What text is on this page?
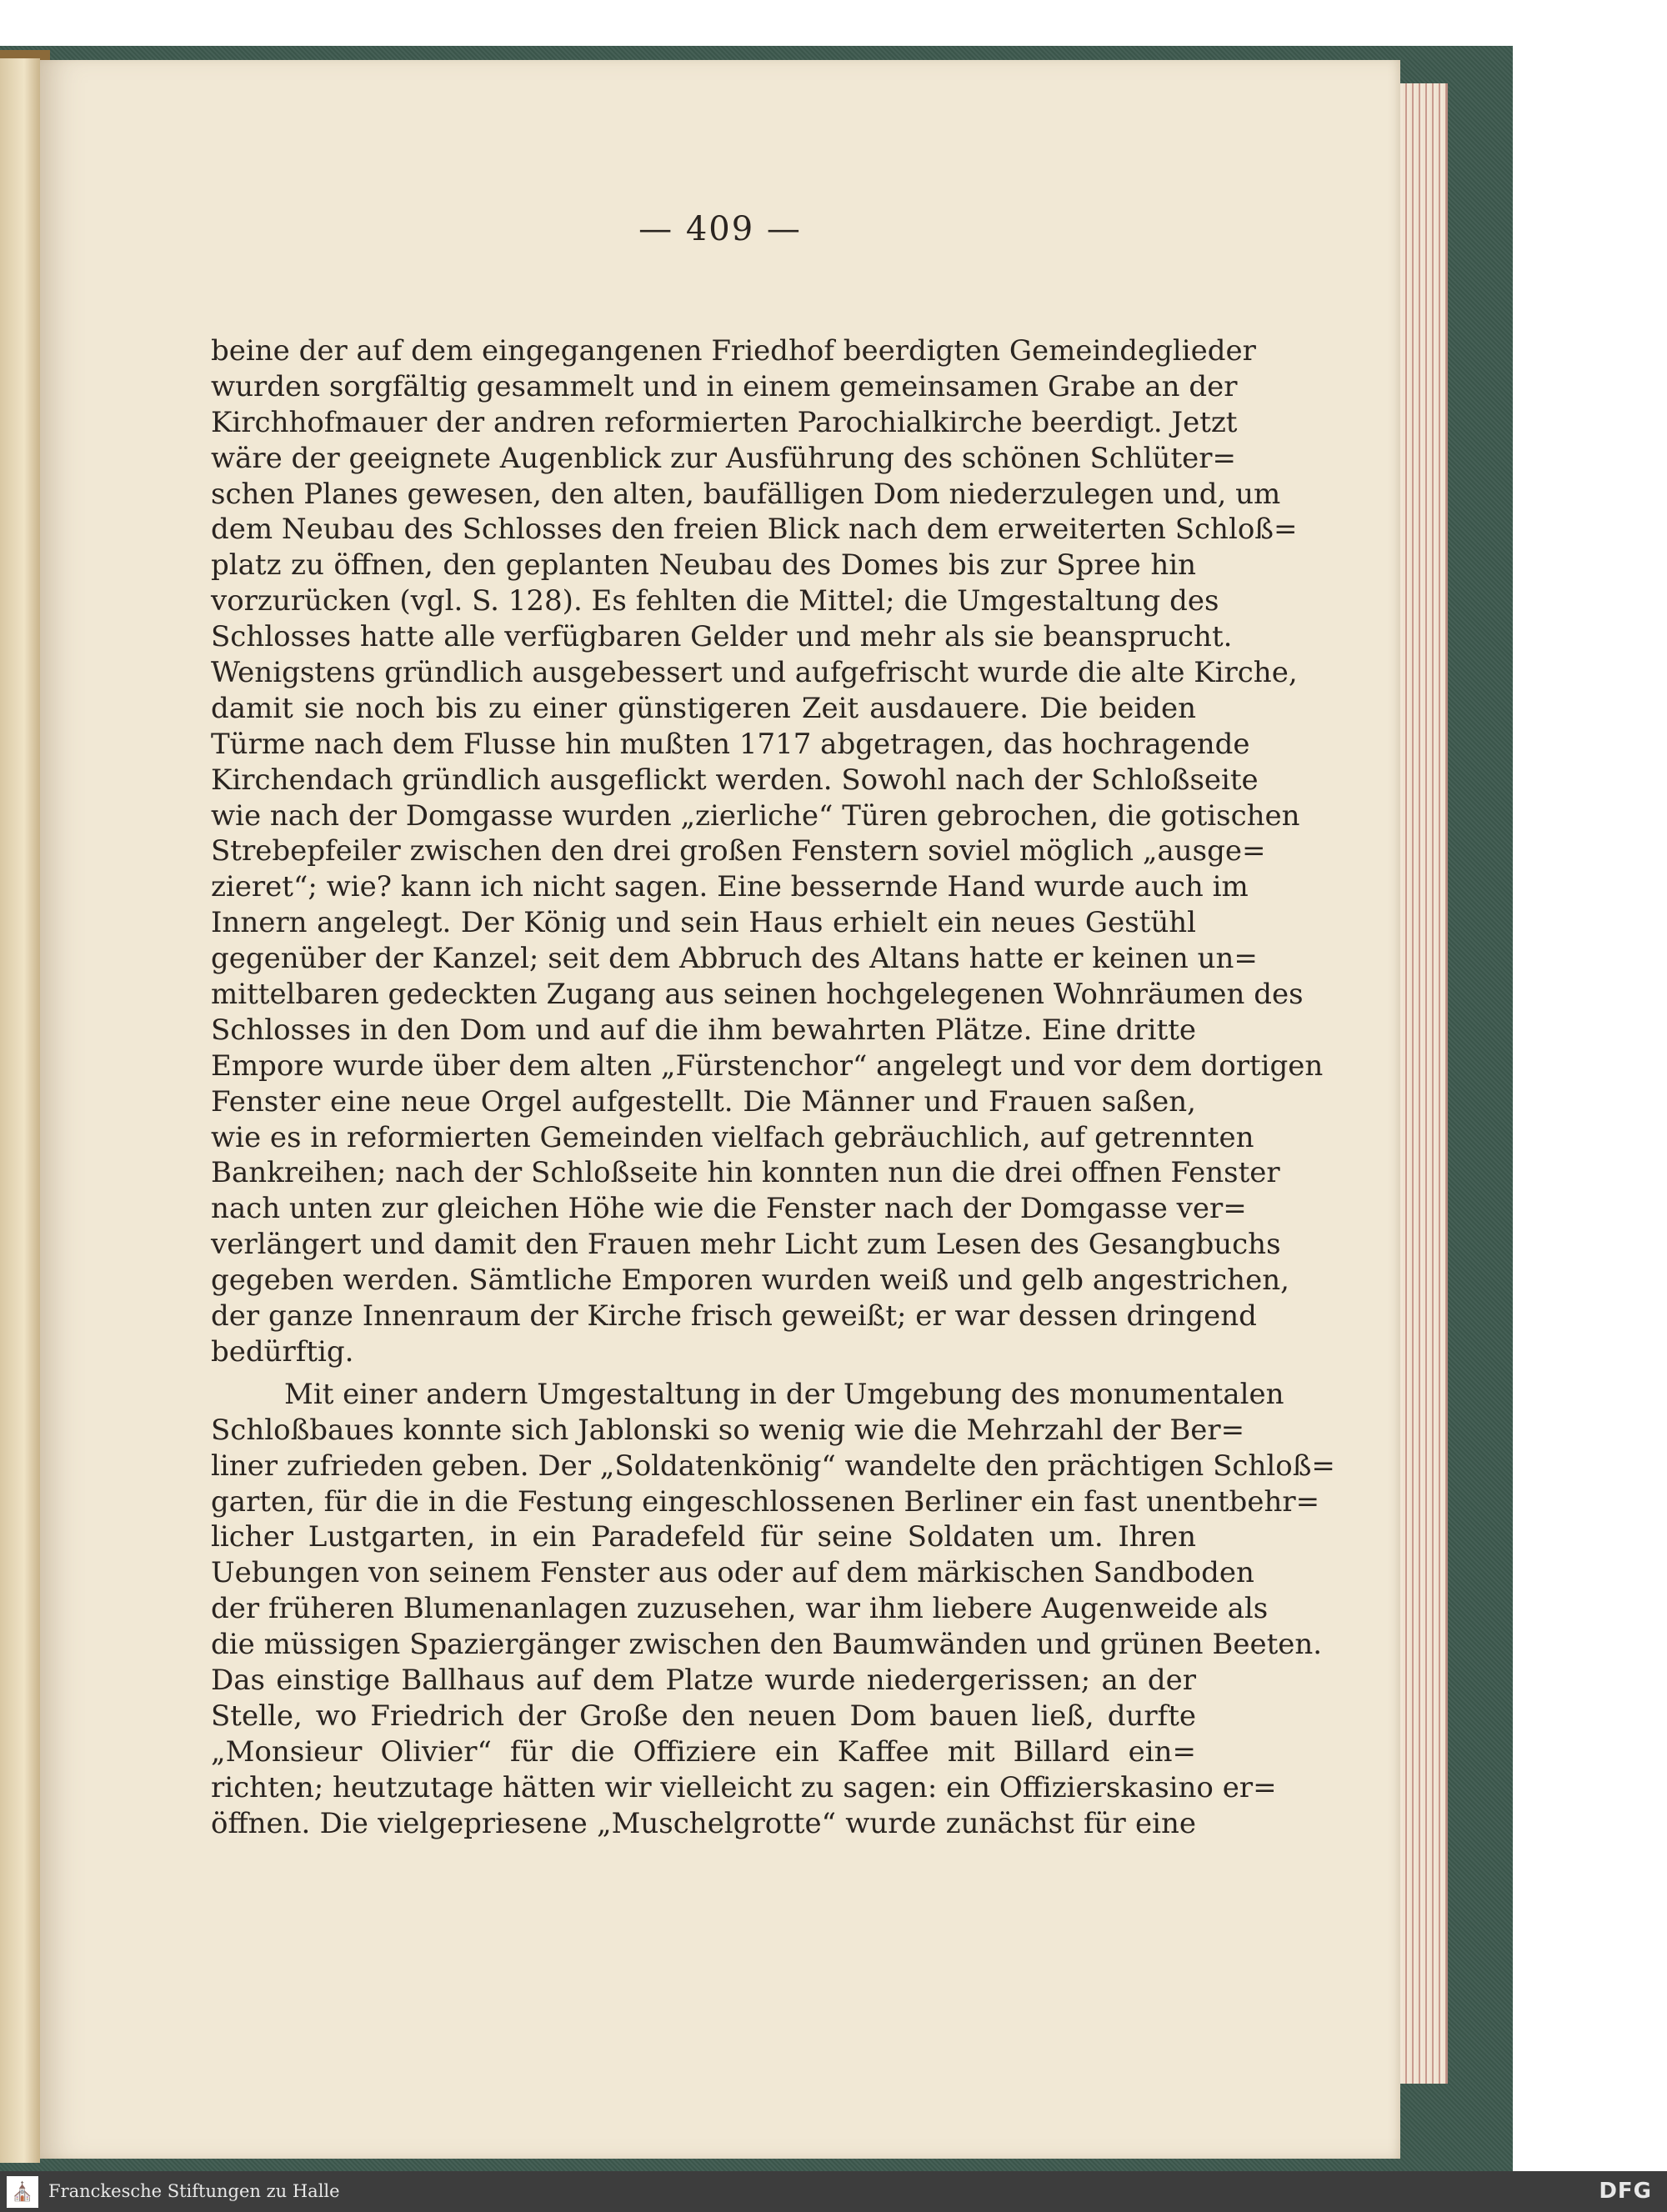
— 409 —
beine der auf dem eingegangenen Friedhof beerdigten Gemeindeglieder
wurden sorgfältig gesammelt und in einem gemeinsamen Grabe an der
Kirchhofmauer der andren reformierten Parochialkirche beerdigt. Jetzt
wäre der geeignete Augenblick zur Ausführung des schönen Schlüter=
schen Planes gewesen, den alten, baufälligen Dom niederzulegen und, um
dem Neubau des Schlosses den freien Blick nach dem erweiterten Schloß=
platz zu öffnen, den geplanten Neubau des Domes bis zur Spree hin
vorzurücken (vgl. S. 128). Es fehlten die Mittel; die Umgestaltung des
Schlosses hatte alle verfügbaren Gelder und mehr als sie beansprucht.
Wenigstens gründlich ausgebessert und aufgefrischt wurde die alte Kirche,
damit sie noch bis zu einer günstigeren Zeit ausdauere. Die beiden
Türme nach dem Flusse hin mußten 1717 abgetragen, das hochragende
Kirchendach gründlich ausgeflickt werden. Sowohl nach der Schloßseite
wie nach der Domgasse wurden „zierliche“ Türen gebrochen, die gotischen
Strebepfeiler zwischen den drei großen Fenstern soviel möglich „ausge=
zieret“; wie? kann ich nicht sagen. Eine bessernde Hand wurde auch im
Innern angelegt. Der König und sein Haus erhielt ein neues Gestühl
gegenüber der Kanzel; seit dem Abbruch des Altans hatte er keinen un=
mittelbaren gedeckten Zugang aus seinen hochgelegenen Wohnräumen des
Schlosses in den Dom und auf die ihm bewahrten Plätze. Eine dritte
Empore wurde über dem alten „Fürstenchor“ angelegt und vor dem dortigen
Fenster eine neue Orgel aufgestellt. Die Männer und Frauen saßen,
wie es in reformierten Gemeinden vielfach gebräuchlich, auf getrennten
Bankreihen; nach der Schloßseite hin konnten nun die drei offnen Fenster
nach unten zur gleichen Höhe wie die Fenster nach der Domgasse ver=
verlängert und damit den Frauen mehr Licht zum Lesen des Gesangbuchs
gegeben werden. Sämtliche Emporen wurden weiß und gelb angestrichen,
der ganze Innenraum der Kirche frisch geweißt; er war dessen dringend
bedürftig.
Mit einer andern Umgestaltung in der Umgebung des monumentalen
Schloßbaues konnte sich Jablonski so wenig wie die Mehrzahl der Ber=
liner zufrieden geben. Der „Soldatenkönig“ wandelte den prächtigen Schloß=
garten, für die in die Festung eingeschlossenen Berliner ein fast unentbehr=
licher Lustgarten, in ein Paradefeld für seine Soldaten um. Ihren
Uebungen von seinem Fenster aus oder auf dem märkischen Sandboden
der früheren Blumenanlagen zuzusehen, war ihm liebere Augenweide als
die müssigen Spaziergänger zwischen den Baumwänden und grünen Beeten.
Das einstige Ballhaus auf dem Platze wurde niedergerissen; an der
Stelle, wo Friedrich der Große den neuen Dom bauen ließ, durfte
„Monsieur Olivier“ für die Offiziere ein Kaffee mit Billard ein=
richten; heutzutage hätten wir vielleicht zu sagen: ein Offizierskasino er=
öffnen. Die vielgepriesene „Muschelgrotte“ wurde zunächst für eine
⛪ Franckesche Stiftungen zu Halle	DFG
